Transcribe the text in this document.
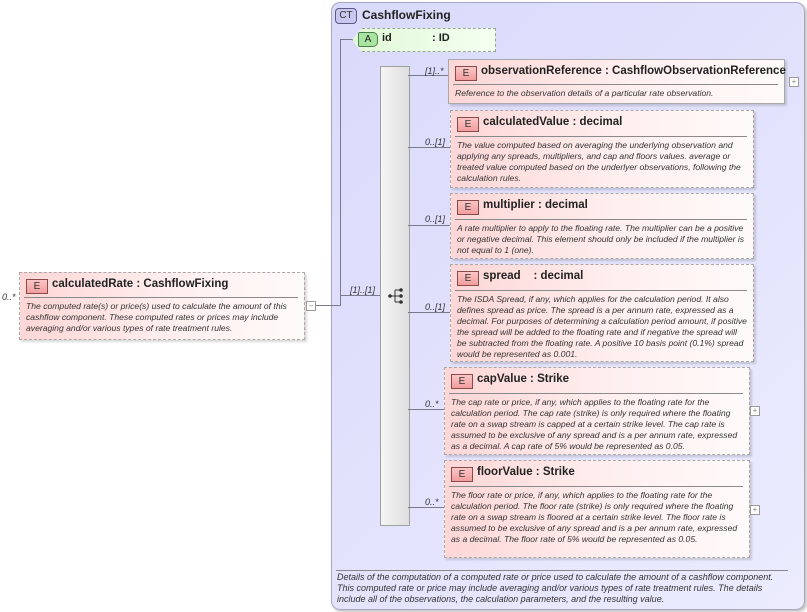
0..*
E	calculatedRate : CashflowFixing
The computed rate(s) or price(s) used to calculate the amount of this cashflow component. These computed rates or prices may include averaging and/or various types of rate treatment rules.
−
CT CashflowFixing
Details of the computation of a computed rate or price used to calculate the amount of a cashflow component. This computed rate or price may include averaging and/or various types of rate treatment rules. The details include all of the observations, the calculation parameters, and the resulting value.
A id	: ID
[1]..[1]
[1]..*	E	observationReference : CashflowObservationReference
Reference to the observation details of a particular rate observation.
+
0..[1]
E	calculatedValue : decimal
The value computed based on averaging the underlying observation and applying any spreads, multipliers, and cap and floors values. average or treated value computed based on the underlyer observations, following the calculation rules.
0..[1]
E	multiplier : decimal
A rate multiplier to apply to the floating rate. The multiplier can be a positive or negative decimal. This element should only be included if the multiplier is not equal to 1 (one).
0..[1]
E	spread    : decimal
The ISDA Spread, if any, which applies for the calculation period. It also defines spread as price. The spread is a per annum rate, expressed as a decimal. For purposes of determining a calculation period amount, if positive the spread will be added to the floating rate and if negative the spread will be subtracted from the floating rate. A positive 10 basis point (0.1%) spread would be represented as 0.001.
0..*
E	capValue : Strike
The cap rate or price, if any, which applies to the floating rate for the calculation period. The cap rate (strike) is only required where the floating rate on a swap stream is capped at a certain strike level. The cap rate is assumed to be exclusive of any spread and is a per annum rate, expressed as a decimal. A cap rate of 5% would be represented as 0.05.
+
0..*
E	floorValue : Strike
The floor rate or price, if any, which applies to the floating rate for the calculation period. The floor rate (strike) is only required where the floating rate on a swap stream is floored at a certain strike level. The floor rate is assumed to be exclusive of any spread and is a per annum rate, expressed as a decimal. The floor rate of 5% would be represented as 0.05.
+
